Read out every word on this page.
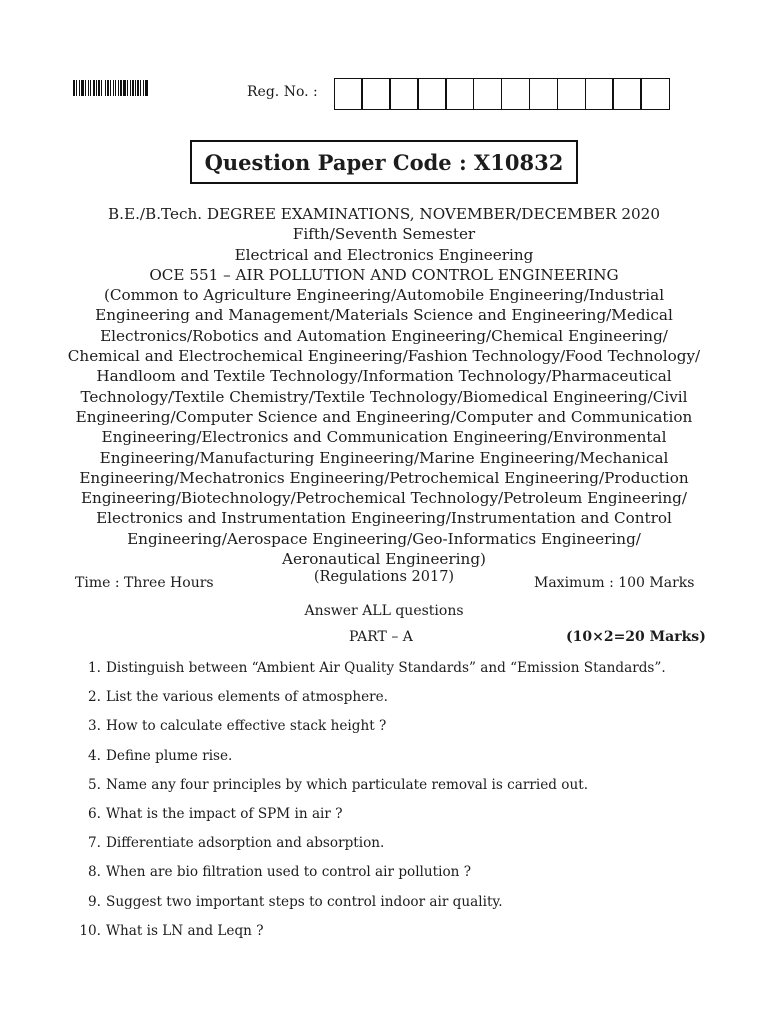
Reg. No. :
Question Paper Code : X10832
B.E./B.Tech. DEGREE EXAMINATIONS, NOVEMBER/DECEMBER 2020
Fifth/Seventh Semester
Electrical and Electronics Engineering
OCE 551 – AIR POLLUTION AND CONTROL ENGINEERING
(Common to Agriculture Engineering/Automobile Engineering/Industrial
Engineering and Management/Materials Science and Engineering/Medical
Electronics/Robotics and Automation Engineering/Chemical Engineering/
Chemical and Electrochemical Engineering/Fashion Technology/Food Technology/
Handloom and Textile Technology/Information Technology/Pharmaceutical
Technology/Textile Chemistry/Textile Technology/Biomedical Engineering/Civil
Engineering/Computer Science and Engineering/Computer and Communication
Engineering/Electronics and Communication Engineering/Environmental
Engineering/Manufacturing Engineering/Marine Engineering/Mechanical
Engineering/Mechatronics Engineering/Petrochemical Engineering/Production
Engineering/Biotechnology/Petrochemical Technology/Petroleum Engineering/
Electronics and Instrumentation Engineering/Instrumentation and Control
Engineering/Aerospace Engineering/Geo-Informatics Engineering/
Aeronautical Engineering)
Time : Three Hours	(Regulations 2017)	Maximum : 100 Marks
Answer ALL questions
PART – A	(10×2=20 Marks)
1. Distinguish between “Ambient Air Quality Standards” and “Emission Standards”.
2. List the various elements of atmosphere.
3. How to calculate effective stack height ?
4. Define plume rise.
5. Name any four principles by which particulate removal is carried out.
6. What is the impact of SPM in air ?
7. Differentiate adsorption and absorption.
8. When are bio filtration used to control air pollution ?
9. Suggest two important steps to control indoor air quality.
10. What is LN and Leqn ?
